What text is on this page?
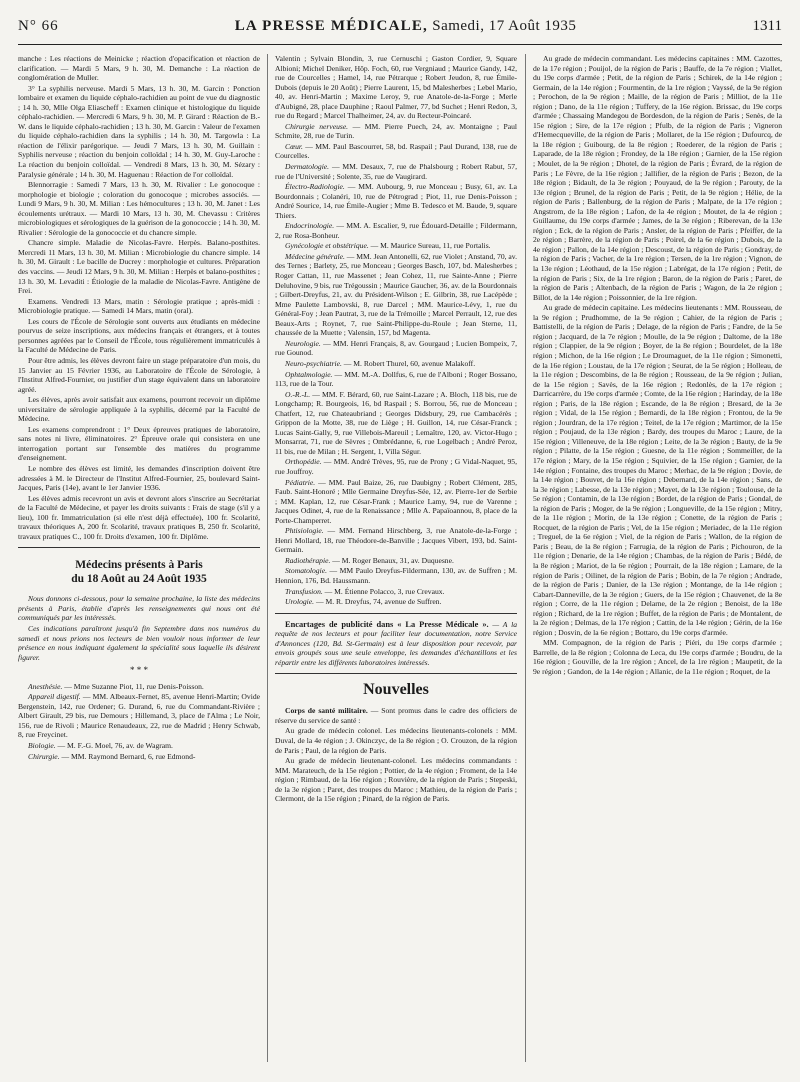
N° 66	LA PRESSE MÉDICALE, Samedi, 17 Août 1935	1311

manche : Les réactions de Meinicke ; réaction d'opacification et réaction de clarification. — Mardi 5 Mars, 9 h. 30, M. Demanche : La réaction de conglomération de Muller.

3° La syphilis nerveuse. Mardi 5 Mars, 13 h. 30, M. Garcin : Ponction lombaire et examen du liquide céphalo-rachidien au point de vue du diagnostic ; 14 h. 30, Mlle Olga Eliascheff : Examen clinique et histologique du liquide céphalo-rachidien. — Mercredi 6 Mars, 9 h. 30, M. P. Girard : Réaction de B.-W. dans le liquide céphalo-rachidien ; 13 h. 30, M. Garcin : Valeur de l'examen du liquide céphalo-rachidien dans la syphilis ; 14 h. 30, M. Targowla : La réaction de l'élixir parégorique. — Jeudi 7 Mars, 13 h. 30, M. Guillain : Syphilis nerveuse ; réaction du benjoin colloïdal ; 14 h. 30, M. Guy-Laroche : La réaction du benjoin colloïdal. — Vendredi 8 Mars, 13 h. 30, M. Sézary : Paralysie générale ; 14 h. 30, M. Haguenau : Réaction de l'or colloïdal.

Blennorragie : Samedi 7 Mars, 13 h. 30, M. Rivalier : Le gonocoque : morphologie et biologie ; coloration du gonocoque ; microbes associés. — Lundi 9 Mars, 9 h. 30, M. Milian : Les hémocultures ; 13 h. 30, M. Janet : Les écoulements urétraux. — Mardi 10 Mars, 13 h. 30, M. Chevassu : Critères microbiologiques et sérologiques de la guérison de la gonococcie ; 14 h. 30, M. Rivalier : Sérologie de la gonococcie et du chancre simple.

Chancre simple. Maladie de Nicolas-Favre. Herpès. Balano-posthites. Mercredi 11 Mars, 13 h. 30, M. Milian : Microbiologie du chancre simple. 14 h. 30, M. Girault : Le bacille de Ducrey : morphologie et cultures. Préparation des vaccins. — Jeudi 12 Mars, 9 h. 30, M. Milian : Herpès et balano-posthites ; 13 h. 30, M. Levaditi : Étiologie de la maladie de Nicolas-Favre. Antigène de Frei.

Examens. Vendredi 13 Mars, matin : Sérologie pratique ; après-midi : Microbiologie pratique. — Samedi 14 Mars, matin (oral).

Les cours de l'École de Sérologie sont ouverts aux étudiants en médecine pourvus de seize inscriptions, aux médecins français et étrangers, et à toutes personnes agréées par le Conseil de l'École, tous régulièrement immatriculés à la Faculté de Médecine de Paris.

Pour être admis, les élèves devront faire un stage préparatoire d'un mois, du 15 Janvier au 15 Février 1936, au Laboratoire de l'École de Sérologie, à l'Institut Alfred-Fournier, ou justifier d'un stage équivalent dans un laboratoire agréé.

Les élèves, après avoir satisfait aux examens, pourront recevoir un diplôme universitaire de sérologie appliquée à la syphilis, décerné par la Faculté de Médecine.

Les examens comprendront : 1° Deux épreuves pratiques de laboratoire, sans notes ni livre, éliminatoires. 2° Épreuve orale qui consistera en une interrogation portant sur l'ensemble des matières du programme d'enseignement.

Le nombre des élèves est limité, les demandes d'inscription doivent être adressées à M. le Directeur de l'Institut Alfred-Fournier, 25, boulevard Saint-Jacques, Paris (14e), avant le 1er Janvier 1936.

Les élèves admis recevront un avis et devront alors s'inscrire au Secrétariat de la Faculté de Médecine, et payer les droits suivants : Frais de stage (s'il y a lieu), 100 fr. Immatriculation (si elle n'est déjà effectuée), 100 fr. Scolarité, travaux théoriques A, 200 fr. Scolarité, travaux pratiques B, 250 fr. Scolarité, travaux pratiques C., 100 fr. Droits d'examen, 100 fr. Diplôme.

Médecins présents à Paris
du 18 Août au 24 Août 1935

Nous donnons ci-dessous, pour la semaine prochaine, la liste des médecins présents à Paris, établie d'après les renseignements qui nous ont été communiqués par les intéressés.

Ces indications paraîtront jusqu'à fin Septembre dans nos numéros du samedi et nous prions nos lecteurs de bien vouloir nous informer de leur présence en nous indiquant également la spécialité sous laquelle ils désirent figurer.

* * *

Anesthésie. — Mme Suzanne Piot, 11, rue Denis-Poisson.

Appareil digestif. — MM. Albeaux-Fernet, 85, avenue Henri-Martin; Ovide Bergenstein, 142, rue Ordener; G. Durand, 6, rue du Commandant-Rivière ; Albert Girault, 29 bis, rue Demours ; Hillemand, 3, place de l'Alma ; Le Noir, 156, rue de Rivoli ; Maurice Renaudeaux, 22, rue de Madrid ; Henry Schwab, 8, rue Freycinet.

Biologie. — M. F.-G. Moel, 76, av. de Wagram.

Chirurgie. — MM. Raymond Bernard, 6, rue Edmond-

Valentin ; Sylvain Blondin, 3, rue Cernuschi ; Gaston Cordier, 9, Square Albioni; Michel Deniker, Hôp. Foch, 60, rue Vergniaud ; Maurice Gandy, 142, rue de Courcelles ; Hamel, 14, rue Pétrarque ; Robert Jeudon, 8, rue Émile-Dubois (depuis le 20 Août) ; Pierre Laurent, 15, bd Malesherbes ; Lebel Mario, 40, av. Henri-Martin ; Maxime Leroy, 9, rue Anatole-de-la-Forge ; Merle d'Aubigné, 28, place Dauphine ; Raoul Palmer, 77, bd Suchet ; Henri Redon, 3, rue du Regard ; Marcel Thalheimer, 24, av. du Recteur-Poincaré.

Chirurgie nerveuse. — MM. Pierre Puech, 24, av. Montaigne ; Paul Schmite, 28, rue de Turin.

Cœur. — MM. Paul Bascourret, 58, bd. Raspail ; Paul Durand, 138, rue de Courcelles.

Dermatologie. — MM. Desaux, 7, rue de Phalsbourg ; Robert Rabut, 57, rue de l'Université ; Solente, 35, rue de Vaugirard.

Électro-Radiologie. — MM. Aubourg, 9, rue Monceau ; Busy, 61, av. La Bourdonnais ; Colanéri, 10, rue de Pétrograd ; Piot, 11, rue Denis-Poisson ; André Sourice, 14, rue Émile-Augier ; Mme B. Tedesco et M. Baude, 9, square Thiers.

Endocrinologie. — MM. A. Escalier, 9, rue Édouard-Detaille ; Fildermann, 2, rue Rosa-Bonheur.

Gynécologie et obstétrique. — M. Maurice Sureau, 11, rue Portalis.

Médecine générale. — MM. Jean Antonelli, 62, rue Violet ; Anstand, 70, av. des Ternes ; Barlety, 25, rue Monceau ; Georges Basch, 107, bd. Malesherbes ; Roger Cattan, 11, rue Massenet ; Jean Cohez, 11, rue Sainte-Anne ; Pierre Deluhovine, 9 bis, rue Trégoussin ; Maurice Gaucher, 36, av. de la Bourdonnais ; Gilbert-Dreyfus, 21, av. du Président-Wilson ; E. Gilbrin, 38, rue Lacépède ; Mme Paulette Lambovski, 8, rue Darcel ; MM. Maurice-Lévy, 1, rue du Général-Foy ; Jean Pautrat, 3, rue de la Trémoille ; Marcel Perrault, 12, rue des Beaux-Arts ; Roynet, 7, rue Saint-Philippe-du-Roule ; Jean Sterne, 11, chaussée de la Muette ; Valensin, 157, bd Magenta.

Neurologie. — MM. Henri Français, 8, av. Gourgaud ; Lucien Bompeix, 7, rue Gounod.

Neuro-psychiatrie. — M. Robert Thurel, 60, avenue Malakoff.

Ophtalmologie. — MM. M.-A. Dollfus, 6, rue de l'Alboni ; Roger Bossano, 113, rue de la Tour.

O.-R.-L. — MM. F. Bérard, 60, rue Saint-Lazare ; A. Bloch, 118 bis, rue de Longchamp; R. Bourgeois, 16, bd Raspail ; S. Borrou, 56, rue de Monceau ; Chatfert, 12, rue Chateaubriand ; Georges Didsbury, 29, rue Cambacérès ; Grippon de la Motte, 38, rue de Liège ; H. Guillon, 14, rue César-Franck ; Lucas Saint-Gally, 9, rue Villebois-Mareuil ; Lemaître, 120, av. Victor-Hugo ; Monsarrat, 71, rue de Sèvres ; Ombrédanne, 6, rue Logelbach ; André Peroz, 11 bis, rue de Milan ; H. Sergent, 1, Villa Ségur.

Orthopédie. — MM. André Trèves, 95, rue de Prony ; G Vidal-Naquet, 95, rue Jouffroy.

Pédiatrie. — MM. Paul Baize, 26, rue Daubigny ; Robert Clément, 285, Faub. Saint-Honoré ; Mlle Germaine Dreyfus-Sée, 12, av. Pierre-1er de Serbie ; MM. Kaplan, 12, rue César-Frank ; Maurice Lamy, 94, rue de Varenne ; Jacques Odinet, 4, rue de la Renaissance ; Mlle A. Papaïoannou, 8, place de la Porte-Champerret.

Phtisiologie. — MM. Fernand Hirschberg, 3, rue Anatole-de-la-Forge ; Henri Mollard, 18, rue Théodore-de-Banville ; Jacques Vibert, 193, bd. Saint-Germain.

Radiothérapie. — M. Roger Benaux, 31, av. Duquesne.

Stomatologie. — MM Paulo Dreyfus-Fildermann, 130, av. de Suffren ; M. Hennion, 176, Bd. Haussmann.

Transfusion. — M. Étienne Polacco, 3, rue Crevaux.

Urologie. — M. R. Dreyfus, 74, avenue de Suffren.

Encartages de publicité dans « La Presse Médicale ». — A la requête de nos lecteurs et pour faciliter leur documentation, notre Service d'Annonces (120, Bd. St-Germain) est à leur disposition pour recevoir, par envois groupés sous une seule enveloppe, les demandes d'échantillons et les répartir entre les différents laboratoires intéressés.

Nouvelles

Corps de santé militaire. — Sont promus dans le cadre des officiers de réserve du service de santé :

Au grade de médecin colonel. Les médecins lieutenants-colonels : MM. Duval, de la 4e région ; J. Okinczyc, de la 8e région ; O. Crouzon, de la région de Paris ; Paul, de la région de Paris.

Au grade de médecin lieutenant-colonel. Les médecins commandants : MM. Marateuch, de la 15e région ; Pottier, de la 4e région ; Froment, de la 14e région ; Rimbaud, de la 16e région ; Rouvière, de la région de Paris ; Stepeski, de la 3e région ; Paret, des troupes du Maroc ; Mathieu, de la région de Paris ; Clermont, de la 15e région ; Pinard, de la région de Paris.

Au grade de médecin commandant. Les médecins capitaines : MM. Cazottes, de la 17e région ; Pouijol, de la région de Paris ; Bauffe, de la 7e région ; Viallet, du 19e corps d'armée ; Petit, de la région de Paris ; Schirek, de la 14e région ; Germain, de la 14e région ; Fourmentin, de la 1re région ; Vayssé, de la 9e région ; Perochon, de la 9e région ; Maille, de la région de Paris ; Milliot, de la 11e région ; Dano, de la 11e région ; Tuffery, de la 16e région. Brissac, du 19e corps d'armée ; Chassaing Mandegou de Bordesdon, de la région de Paris ; Senès, de la 15e région ; Sire, de la 17e région ; Pfulb, de la région de Paris ; Vigneron d'Hemecqueville, de la région de Paris ; Mollaret, de la 15e région ; Dufourcq, de la 18e région ; Guibourg, de la 8e région ; Roederer, de la région de Paris ; Laparade, de la 18e région ; Frondey, de la 18e région ; Garnier, de la 15e région ; Moulet, de la 9e région ; Dhotel, de la région de Paris ; Évrard, de la région de Paris ; Le Fèvre, de la 16e région ; Jallifier, de la région de Paris ; Bezon, de la 18e région ; Bidault, de la 3e région ; Pouyaud, de la 9e région ; Parouty, de la 13e région ; Brunel, de la région de Paris ; Petit, de la 9e région ; Hélie, de la région de Paris ; Ballenburg, de la région de Paris ; Malpate, de la 17e région ; Angstrom, de la 18e région ; Lafon, de la 4e région ; Moutet, de la 4e région ; Guillaume, du 19e corps d'armée ; James, de la 3e région ; Riberevan, de la 13e région ; Eck, de la région de Paris ; Ansler, de la région de Paris ; Pfeiffer, de la 2e région ; Barrère, de la région de Paris ; Poirel, de la 6e région ; Dubois, de la 4e région ; Pallon, de la 14e région ; Descoust, de la région de Paris ; Gondray, de la région de Paris ; Vacher, de la 1re région ; Tersen, de la 1re région ; Vignon, de la 13e région ; Léothaud, de la 15e région ; Labrégat, de la 17e région ; Petit, de la région de Paris ; Six, de la 1re région ; Baron, de la région de Paris ; Paret, de la région de Paris ; Altenbach, de la région de Paris ; Wagon, de la 2e région ; Billot, de la 14e région ; Poissonnier, de la 1re région.

Au grade de médecin capitaine. Les médecins lieutenants : MM. Rousseau, de la 9e région ; Prudhomme, de la 9e région ; Cahier, de la région de Paris ; Battistelli, de la région de Paris ; Delage, de la région de Paris ; Fandre, de la 5e région ; Jacquard, de la 7e région ; Moulle, de la 9e région ; Daltome, de la 18e région ; Clappier, de la 9e région ; Boyer, de la 8e région ; Bourdelet, de la 18e région ; Michon, de la 16e région ; Le Droumaguet, de la 11e région ; Simonetti, de la 16e région ; Loustau, de la 17e région ; Seurat, de la 5e région ; Holleau, de la 11e région ; Descombins, de la 8e région ; Rousseau, de la 9e région ; Julian, de la 15e région ; Savès, de la 16e région ; Redonlès, de la 17e région ; Darricarrère, du 19e corps d'armée ; Comte, de la 16e région ; Harinday, de la 18e région ; Paris, de la 18e région ; Escande, de la 8e région ; Bresard, de la 3e région ; Vidal, de la 15e région ; Bernardi, de la 18e région ; Frontou, de la 9e région ; Jourdran, de la 17e région ; Teitel, de la 17e région ; Martimor, de la 15e région ; Poujaud, de la 13e région ; Bardy, des troupes du Maroc ; Laure, de la 15e région ; Villeneuve, de la 18e région ; Leite, de la 3e région ; Bauty, de la 9e région ; Pilatte, de la 15e région ; Guesne, de la 11e région ; Sommeiller, de la 17e région ; Mary, de la 15e région ; Squivier, de la 15e région ; Garnier, de la 14e région ; Fontaine, des troupes du Maroc ; Merhac, de la 9e région ; Dovie, de la 14e région ; Bouvet, de la 16e région ; Debernard, de la 14e région ; Sans, de la 3e région ; Labesse, de la 13e région ; Mayet, de la 13e région ; Toulouse, de la 5e région ; Contamin, de la 13e région ; Bordet, de la région de Paris ; Gondal, de la région de Paris ; Moger, de la 9e région ; Longueville, de la 15e région ; Mitry, de la 11e région ; Morin, de la 13e région ; Conette, de la région de Paris ; Rocquet, de la région de Paris ; Vel, de la 15e région ; Meriadec, de la 11e région ; Treguel, de la 6e région ; Viel, de la région de Paris ; Wallon, de la région de Paris ; Beau, de la 8e région ; Farrugia, de la région de Paris ; Pichouron, de la 11e région ; Denarie, de la 14e région ; Chambas, de la région de Paris ; Bédé, de la 8e région ; Mariot, de la 6e région ; Pourrait, de la 18e région ; Lamare, de la région de Paris ; Oilinet, de la région de Paris ; Bobin, de la 7e région ; Andrade, de la région de Paris ; Danier, de la 13e région ; Montange, de la 14e région ; Cabart-Danneville, de la 3e région ; Guers, de la 15e région ; Chauvenet, de la 8e région ; Corre, de la 11e région ; Delarne, de la 2e région ; Benoist, de la 18e région ; Richard, de la 1re région ; Buffet, de la région de Paris ; de Montalent, de la 2e région ; Delmas, de la 17e région ; Cattin, de la 14e région ; Gérin, de la 16e région ; Dosvin, de la 6e région ; Bottaro, du 19e corps d'armée.

MM. Compagnon, de la région de Paris ; Piéri, du 19e corps d'armée ; Barrelle, de la 8e région ; Colonna de Leca, du 19e corps d'armée ; Boudru, de la 16e région ; Gouville, de la 1re région ; Ancel, de la 1re région ; Maupetit, de la 9e région ; Gandon, de la 14e région ; Allanic, de la 11e région ; Roquet, de la
